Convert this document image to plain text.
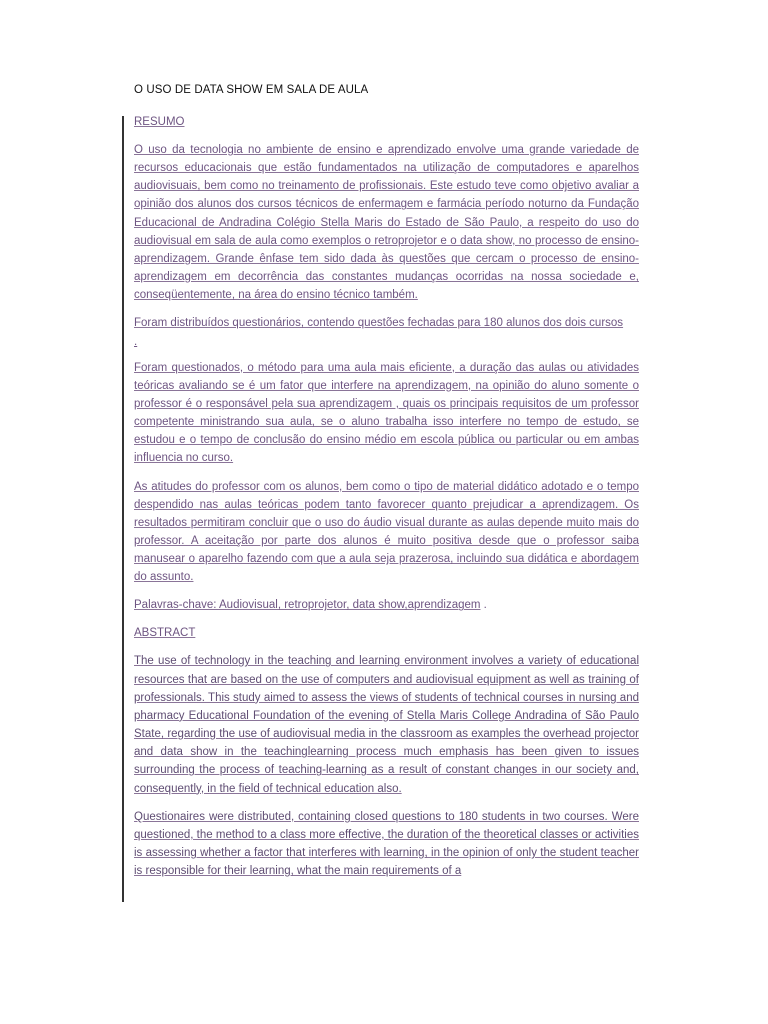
O USO DE DATA SHOW EM SALA DE AULA
RESUMO
O uso da tecnologia no ambiente de ensino e aprendizado envolve uma grande variedade de recursos educacionais que estão fundamentados na utilização de computadores e aparelhos audiovisuais, bem como no treinamento de profissionais. Este estudo teve como objetivo avaliar a opinião dos alunos dos cursos técnicos de enfermagem e farmácia período noturno da Fundação Educacional de Andradina Colégio Stella Maris do Estado de São Paulo, a respeito do uso do audiovisual em sala de aula como exemplos o retroprojetor e o data show, no processo de ensino-aprendizagem. Grande ênfase tem sido dada às questões que cercam o processo de ensino-aprendizagem em decorrência das constantes mudanças ocorridas na nossa sociedade e, conseqüentemente, na área do ensino técnico também.
Foram distribuídos questionários, contendo questões fechadas para 180 alunos dos dois cursos
.
Foram questionados, o método para uma aula mais eficiente, a duração das aulas ou atividades teóricas avaliando se é um fator que interfere na aprendizagem, na opinião do aluno somente o professor é o responsável pela sua aprendizagem , quais os principais requisitos de um professor competente ministrando sua aula, se o aluno trabalha isso interfere no tempo de estudo, se estudou e o tempo de conclusão do ensino médio em escola pública ou particular ou em ambas influencia no curso.
As atitudes do professor com os alunos, bem como o tipo de material didático adotado e o tempo despendido nas aulas teóricas podem tanto favorecer quanto prejudicar a aprendizagem. Os resultados permitiram concluir que o uso do áudio visual durante as aulas depende muito mais do professor. A aceitação por parte dos alunos é muito positiva desde que o professor saiba manusear o aparelho fazendo com que a aula seja prazerosa, incluindo sua didática e abordagem do assunto.
Palavras-chave: Audiovisual, retroprojetor, data show,aprendizagem .
ABSTRACT
The use of technology in the teaching and learning environment involves a variety of educational resources that are based on the use of computers and audiovisual equipment as well as training of professionals. This study aimed to assess the views of students of technical courses in nursing and pharmacy Educational Foundation of the evening of Stella Maris College Andradina of São Paulo State, regarding the use of audiovisual media in the classroom as examples the overhead projector and data show in the teachinglearning process much emphasis has been given to issues surrounding the process of teaching-learning as a result of constant changes in our society and, consequently, in the field of technical education also.
Questionaires were distributed, containing closed questions to 180 students in two courses. Were questioned, the method to a class more effective, the duration of the theoretical classes or activities is assessing whether a factor that interferes with learning, in the opinion of only the student teacher is responsible for their learning, what the main requirements of a
